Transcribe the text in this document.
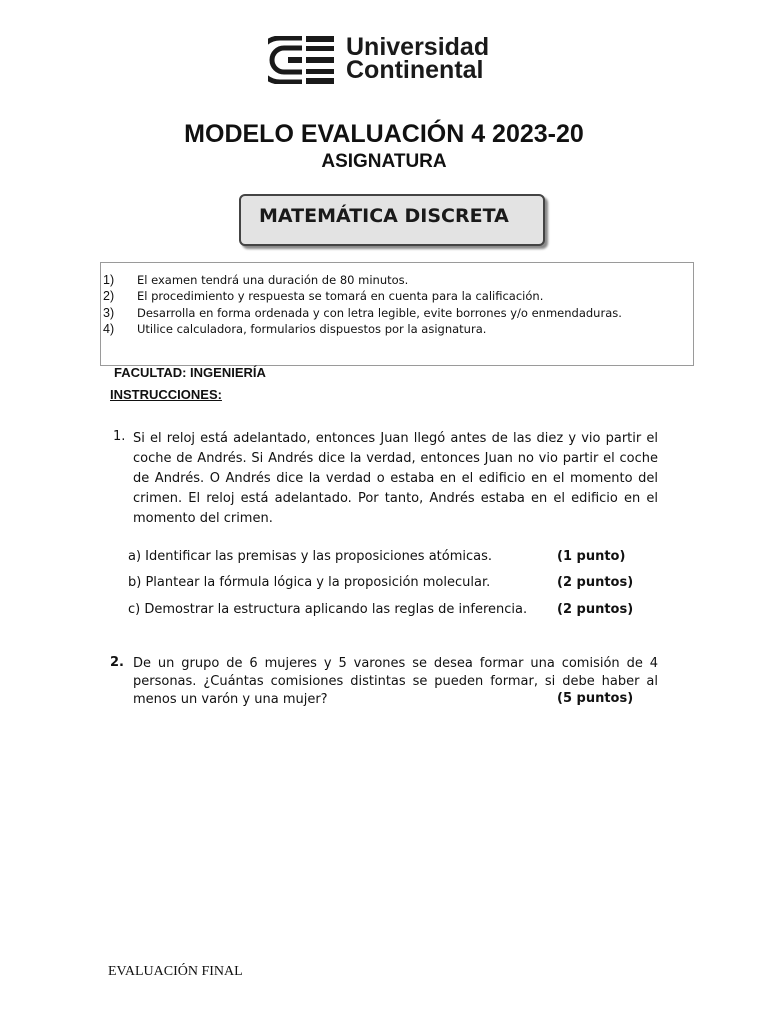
Universidad
Continental
MODELO EVALUACIÓN 4 2023-20
ASIGNATURA
MATEMÁTICA DISCRETA
1) El examen tendrá una duración de 80 minutos.
2) El procedimiento y respuesta se tomará en cuenta para la calificación.
3) Desarrolla en forma ordenada y con letra legible, evite borrones y/o enmendaduras.
4) Utilice calculadora, formularios dispuestos por la asignatura.
FACULTAD: INGENIERÍA
INSTRUCCIONES:
1. Si el reloj está adelantado, entonces Juan llegó antes de las diez y vio partir el coche de Andrés. Si Andrés dice la verdad, entonces Juan no vio partir el coche de Andrés. O Andrés dice la verdad o estaba en el edificio en el momento del crimen. El reloj está adelantado. Por tanto, Andrés estaba en el edificio en el momento del crimen.
a) Identificar las premisas y las proposiciones atómicas.	(1 punto)
b) Plantear la fórmula lógica y la proposición molecular.	(2 puntos)
c) Demostrar la estructura aplicando las reglas de inferencia. (2 puntos)
2. De un grupo de 6 mujeres y 5 varones se desea formar una comisión de 4 personas. ¿Cuántas comisiones distintas se pueden formar, si debe haber al menos un varón y una mujer?	(5 puntos)
EVALUACIÓN FINAL
